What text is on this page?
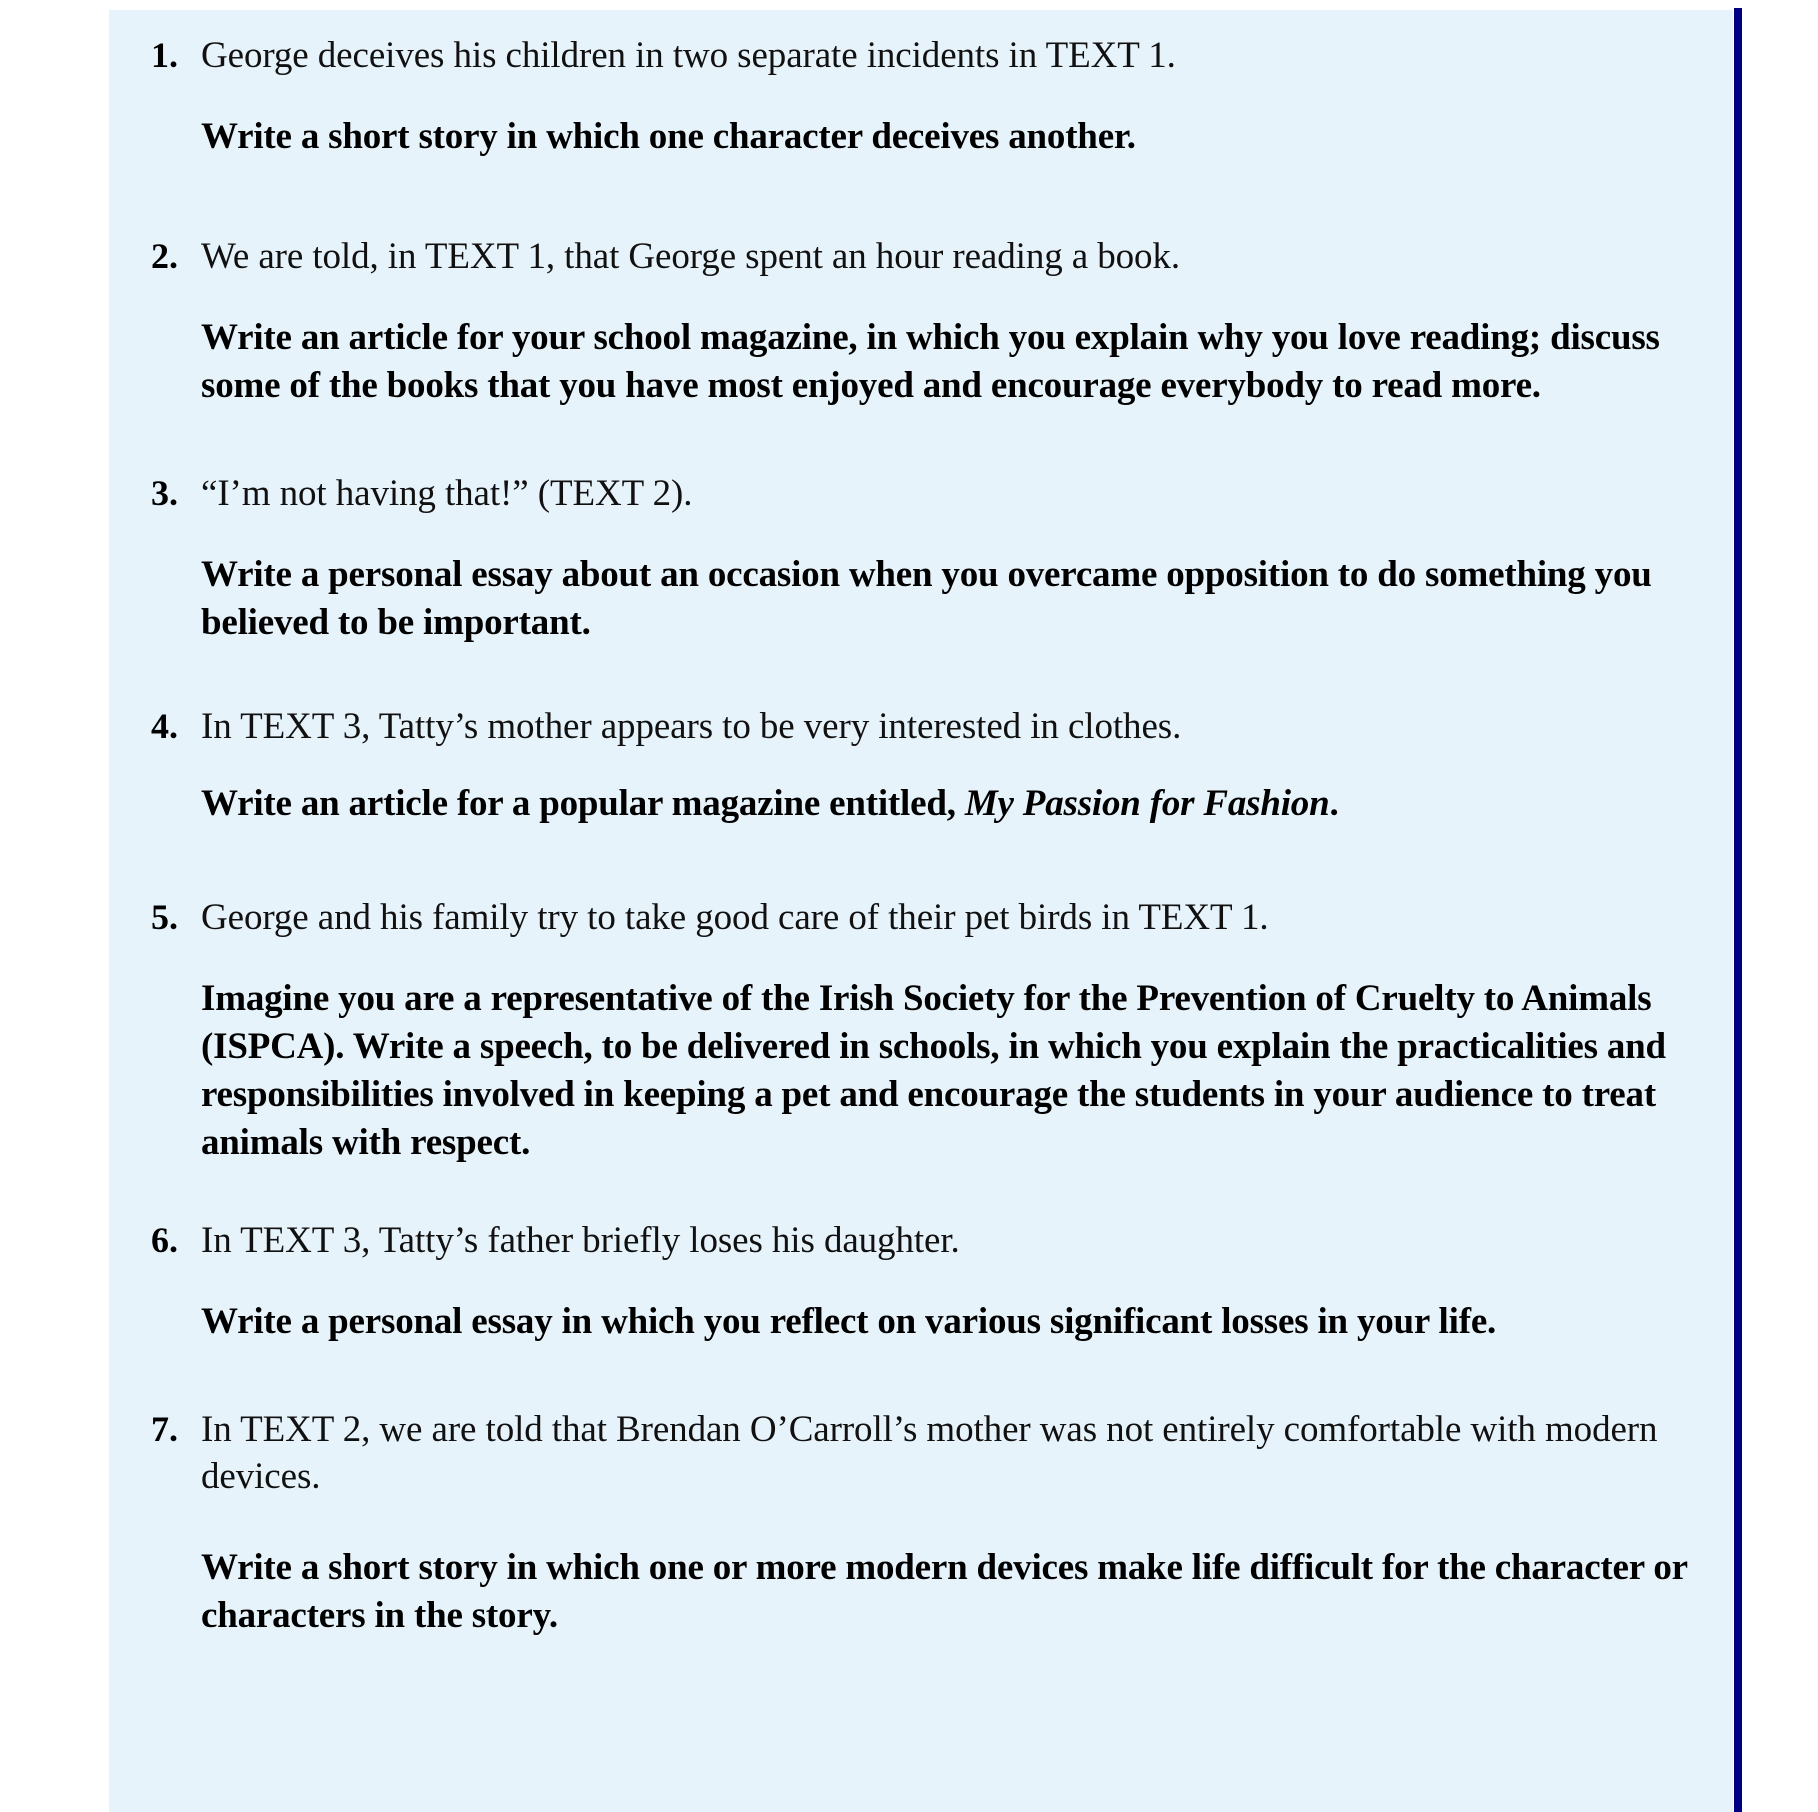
1. George deceives his children in two separate incidents in TEXT 1.

Write a short story in which one character deceives another.

2. We are told, in TEXT 1, that George spent an hour reading a book.

Write an article for your school magazine, in which you explain why you love reading; discuss some of the books that you have most enjoyed and encourage everybody to read more.

3. “I’m not having that!” (TEXT 2).

Write a personal essay about an occasion when you overcame opposition to do something you believed to be important.

4. In TEXT 3, Tatty’s mother appears to be very interested in clothes.

Write an article for a popular magazine entitled, My Passion for Fashion.

5. George and his family try to take good care of their pet birds in TEXT 1.

Imagine you are a representative of the Irish Society for the Prevention of Cruelty to Animals (ISPCA). Write a speech, to be delivered in schools, in which you explain the practicalities and responsibilities involved in keeping a pet and encourage the students in your audience to treat animals with respect.

6. In TEXT 3, Tatty’s father briefly loses his daughter.

Write a personal essay in which you reflect on various significant losses in your life.

7. In TEXT 2, we are told that Brendan O’Carroll’s mother was not entirely comfortable with modern devices.

Write a short story in which one or more modern devices make life difficult for the character or characters in the story.
